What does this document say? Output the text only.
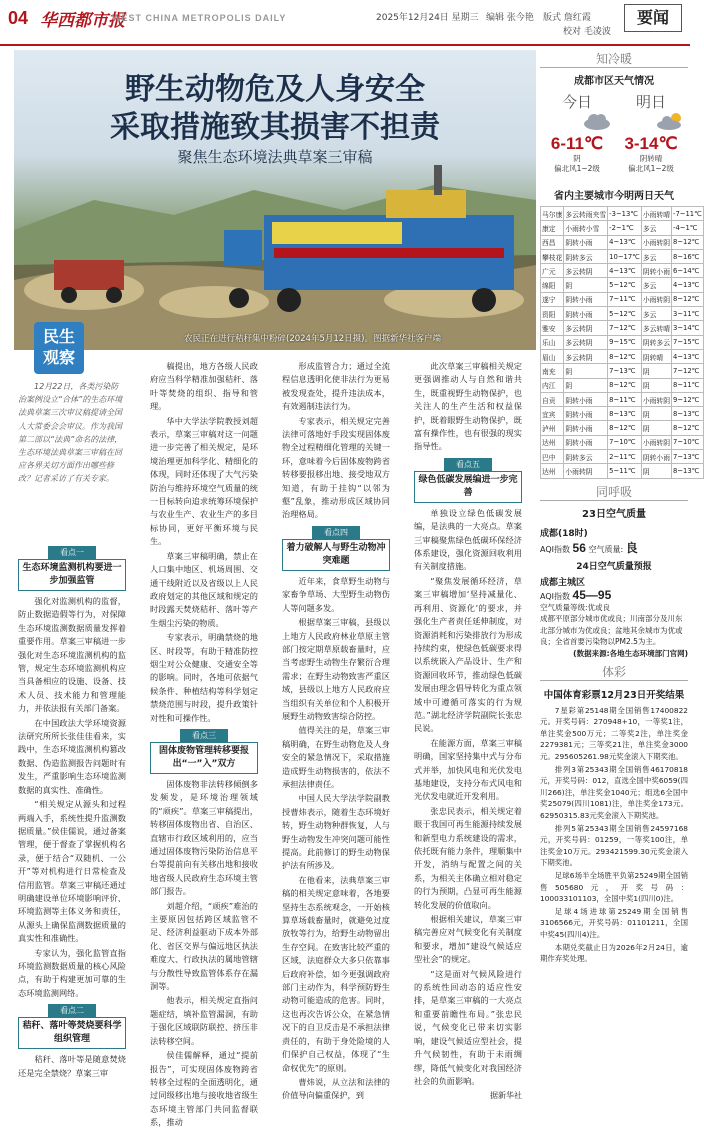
04 华西都市报
WEST CHINA METROPOLIS DAILY	2025年12月24日 星期三 编辑 张今艳 版式 詹红霞
校对 毛凌波
要闻
野生动物危及人身安全
采取措施致其损害不担责
聚焦生态环境法典草案三审稿
农民正在进行秸秆集中粉碎(2024年5月12日摄)。图据新华社客户端
民生
观察
12月22日，各类污染防治案例设立“合体”的生态环境法典草案三次审议稿提请全国人大常委会会审议。作为我国第二部以“法典”命名的法律，生态环境法典草案三审稿在回应各界关切方面作出哪些修改？记者采访了有关专家。
看点一
生态环境监测机构要进一步加强监管

强化对监测机构的监督，防止数据造假等行为，对保障生态环境监测数据质量发挥着重要作用。草案三审稿进一步强化对生态环境监测机构的监管，规定生态环境监测机构应当具备相应的设施、设备、技术人员、技术能力和管理能力，并依法报有关部门备案。

在中国政法大学环境资源法研究所所长张佳佳看来，实践中，生态环境监测机构篡改数据、伪造监测报告问题时有发生，严重影响生态环境监测数据的真实性、准确性。

“相关规定从源头和过程两端入手，系统性提升监测数据质量。”侯佳儒说，通过备案管理，便于督查了掌握机构名录，便于结合“双随机、一公开”等对机构进行日常检查及信用监管。草案三审稿还通过明确建设单位环境影响评价、环境监测等主体义务和责任，从源头上确保监测数据质量的真实性和准确性。

专家认为，强化监管直指环境监测数据质量的核心风险点，有助于构建更加可靠的生态环境监测网络。

看点二
秸秆、落叶等焚烧要科学组织管理

秸秆、落叶等是随意焚烧还是完全禁烧？草案三审

稿提出，地方各级人民政府应当科学精准加强秸秆、落叶等焚烧的组织、指导和管理。

华中大学法学院教授刘超表示，草案三审稿对这一问题进一步完善了相关规定，是环境治理更加科学化、精细化的体现，同时还体现了大气污染防治与维持环境空气质量的统一目标转向追求统筹环境保护与农业生产、农业生产的多目标协同，更好平衡环境与民生。

草案三审稿明确，禁止在人口集中地区、机场周围、交通干线附近以及省级以上人民政府划定的其他区域和规定的时段露天焚烧秸秆、落叶等产生烟尘污染的物质。

专家表示，明确禁烧的地区、时段等，有助于精准防控烟尘对公众健康、交通安全等的影响。同时，各地可依据气候条件、种植结构等科学划定禁烧范围与时段，提升政策针对性和可操作性。

看点三
固体废物管理转移要报出“一”入”双方

固体废物非法转移倾倒多发频发，是环境治理领域的“顽疾”。草案三审稿提出，转移固体废物出省、自治区、直辖市行政区域利用的，应当通过固体废物污染防治信息平台等提前向有关移出地和接收地省级人民政府生态环境主管部门报告。

刘超介绍，“顽疾”难治的主要原因包括跨区域监管不足、经济利益驱动下成本外部化、省区交界与偏远地区执法难度大、行政执法的属地管辖与分散性导致监管体系存在漏洞等。

他表示，相关规定直指问题症结，填补监管漏洞，有助于强化区域联防联控、挤压非法转移空间。

侯佳儒解释，通过“提前报告”，可实现固体废物跨省转移全过程的全面透明化，通过同级移出地与接收地省级生态环境主管部门共同监督联系，推动

形成监管合力；通过全流程信息透明化使非法行为更易被发现查处，提升违法成本，有效遏制违法行为。

专家表示，相关规定完善法律可落地好手段实现固体废物全过程精细化管理的关键一环，意味着今后固体废物跨省转移要报移出地、接受地双方知道，有助于挂钩“以邻为壑”乱象，推动形成区域协同治理格局。

看点四
着力破解人与野生动物冲突难题

近年来，食草野生动物与家畜争草场、大型野生动物伤人等问题多发。

根据草案三审稿，县级以上地方人民政府林业草原主管部门按定期草原载畜量时，应当考虑野生动物生存繁衍合理需求；在野生动物致害严重区域，县级以上地方人民政府应当组织有关单位和个人积极开展野生动物致害综合防控。

值得关注的是，草案三审稿明确，在野生动物危及人身安全的紧急情况下，采取措施造成野生动物损害的，依法不承担法律责任。

中国人民大学法学院副教授曹炜表示，随着生态环境好转，野生动物种群恢复，人与野生动物发生冲突问题可能性提高。此前修订的野生动物保护法有所涉及。

在他看来，法典草案三审稿的相关规定意味着，各地要坚持生态系统观念，一开始核算草场载畜量时，就避免过度放牧等行为，给野生动物留出生存空间。在致害比较严重的区域，法庭群众大多只依靠事后政府补偿，如今更强调政府部门主动作为，科学预防野生动物可能造成的危害。同时，这也再次告诉公众，在紧急情况下的自卫反击是不承担法律责任的，有助于身处险境的人们保护自己权益，体现了“生命权优先”的原则。

曹炜说，从立法和法律的价值导向偏重保护，到

此次草案三审稿相关规定更强调推动人与自然和谐共生，既重视野生动物保护，也关注人的生产生活和权益保护，既着眼野生动物保护，既富有操作性，也有很强的现实指导性。

看点五
绿色低碳发展编进一步完善

单独设立绿色低碳发展编，是法典的一大亮点。草案三审稿聚焦绿色低碳环保经济体系建设，强化资源回收利用有关制度措施。

“聚焦发展循环经济，草案三审稿增加‘坚持减量化、再利用、资源化’的要求，并强化生产者责任延伸制度，对资源消耗和污染排放行为形成持续约束，使绿色低碳要求得以系统嵌入产品设计、生产和资源回收环节，推动绿色低碳发展由理念倡导转化为重点领域中可遵循可落实的行为规范。”湖北经济学院副院长张忠民说。

在能源方面，草案三审稿明确，国家坚持集中式与分布式并举，加快风电和光伏发电基地建设，支持分布式风电和光伏发电就近开发利用。

张忠民表示，相关规定着眼于我国可再生能源持续发展和新型电力系统建设的需求，依托既有能力条件，理顺集中开发，消纳与配置之间的关系，为相关主体确立相对稳定的行为预期，凸显可再生能源转化发展的价值取向。

根据相关建议，草案三审稿完善应对气候变化有关制度和要求，增加“建设气候适应型社会”的规定。

“这是面对气候风险进行的系统性回动态的适应性安排，是草案三审稿的一大亮点和重要前瞻性布局。”张忠民说，气候变化已带来切实影响，建设气候适应型社会，提升气候韧性，有助于未雨绸缪，降低气候变化对我国经济社会的负面影响。

据新华社
知冷暖
成都市区天气情况
今日
6-11℃
阴
偏北风1~2级
明日
3-14℃
阴转晴
偏北风1~2级
省内主要城市今明两日天气
马尔康	多云转雨夹雪	-3~13℃	小雨转晴	-7~11℃
康定	小雨转小雪	-2~1℃	多云	-4~1℃
西昌	阴转小雨	4~13℃	小雨转阴	8~12℃
攀枝花	阴转多云	10~17℃	多云	8~16℃
广元	多云转阴	4~13℃	阴转小雨	6~14℃
绵阳	阴	5~12℃	多云	4~13℃
遂宁	阴转小雨	7~11℃	小雨转阴	8~12℃
资阳	阴转小雨	5~12℃	多云	3~11℃
雅安	多云转阴	7~12℃	多云转晴	3~14℃
乐山	多云转阴	9~15℃	阴转多云	7~15℃
眉山	多云转阴	8~12℃	阴转晴	4~13℃
南充	阴	7~13℃	阴	7~12℃
内江	阴	8~12℃	阴	8~11℃
自贡	阴转小雨	8~11℃	小雨转阴	9~12℃
宜宾	阴转小雨	8~13℃	阴	8~13℃
泸州	阴转小雨	8~12℃	阴	8~12℃
达州	阴转小雨	7~10℃	小雨转阴	7~10℃
巴中	阴转多云	2~11℃	阴转小雨	7~13℃
达州	小雨转阴	5~11℃	阴	8~13℃
同呼吸
23日空气质量
成都(18时)
AQI指数 56 空气质量: 良
24日空气质量预报
成都主城区
AQI指数 45—95
空气质量等级:优或良
成都平原部分城市优或良；川南部分及川东北部分城市为优或良；盆地其余城市为优或良；全省首要污染物以PM2.5为主。
(数据来源:各地生态环境部门官网)
体彩
中国体育彩票12月23日开奖结果

7星彩第25148期全国销售17400822元。开奖号码：270948+10，一等奖1注，单注奖金500万元；二等奖2注，单注奖金2279381元；三等奖21注，单注奖金3000元。295605261.98元奖金滚入下期奖池。

排列3第25343期全国销售46170818元，开奖号码：012，直选全国中奖6059(四川266)注，单注奖金1040元；组选6全国中奖25079(四川1081)注，单注奖金173元。62950315.83元奖金滚入下期奖池。

排列5第25343期全国销售24597168元，开奖号码：01259，一等奖100注，单注奖金10万元。293421599.30元奖金滚入下期奖池。

足球6场半全场胜平负第25249期全国销售505680元，开奖号码：100033101103，全国中奖1(四川0)注。

足球4场进球第25249期全国销售3106566元，开奖号码：01101211，全国中奖45(四川4)注。

本期兑奖截止日为2026年2月24日，逾期作弃奖处理。
